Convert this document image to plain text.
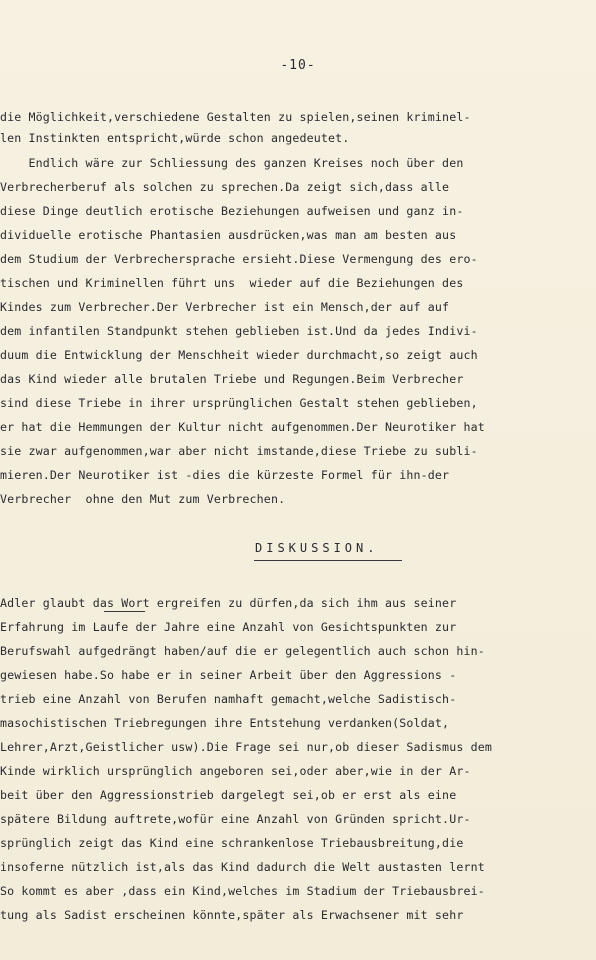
-10-
die Möglichkeit,verschiedene Gestalten zu spielen,seinen kriminel-
len Instinkten entspricht,würde schon angedeutet.
Endlich wäre zur Schliessung des ganzen Kreises noch über den
Verbrecherberuf als solchen zu sprechen.Da zeigt sich,dass alle
diese Dinge deutlich erotische Beziehungen aufweisen und ganz in-
dividuelle erotische Phantasien ausdrücken,was man am besten aus
dem Studium der Verbrechersprache ersieht.Diese Vermengung des ero-
tischen und Kriminellen führt uns  wieder auf die Beziehungen des
Kindes zum Verbrecher.Der Verbrecher ist ein Mensch,der auf auf
dem infantilen Standpunkt stehen geblieben ist.Und da jedes Indivi-
duum die Entwicklung der Menschheit wieder durchmacht,so zeigt auch
das Kind wieder alle brutalen Triebe und Regungen.Beim Verbrecher
sind diese Triebe in ihrer ursprünglichen Gestalt stehen geblieben,
er hat die Hemmungen der Kultur nicht aufgenommen.Der Neurotiker hat
sie zwar aufgenommen,war aber nicht imstande,diese Triebe zu subli-
mieren.Der Neurotiker ist -dies die kürzeste Formel für ihn-der
Verbrecher  ohne den Mut zum Verbrechen.
DISKUSSION.
Adler glaubt das Wort ergreifen zu dürfen,da sich ihm aus seiner
Erfahrung im Laufe der Jahre eine Anzahl von Gesichtspunkten zur
Berufswahl aufgedrängt haben/auf die er gelegentlich auch schon hin-
gewiesen habe.So habe er in seiner Arbeit über den Aggressions -
trieb eine Anzahl von Berufen namhaft gemacht,welche Sadistisch-
masochistischen Triebregungen ihre Entstehung verdanken(Soldat,
Lehrer,Arzt,Geistlicher usw).Die Frage sei nur,ob dieser Sadismus dem
Kinde wirklich ursprünglich angeboren sei,oder aber,wie in der Ar-
beit über den Aggressionstrieb dargelegt sei,ob er erst als eine
spätere Bildung auftrete,wofür eine Anzahl von Gründen spricht.Ur-
sprünglich zeigt das Kind eine schrankenlose Triebausbreitung,die
insoferne nützlich ist,als das Kind dadurch die Welt austasten lernt
So kommt es aber ,dass ein Kind,welches im Stadium der Triebausbrei-
tung als Sadist erscheinen könnte,später als Erwachsener mit sehr
